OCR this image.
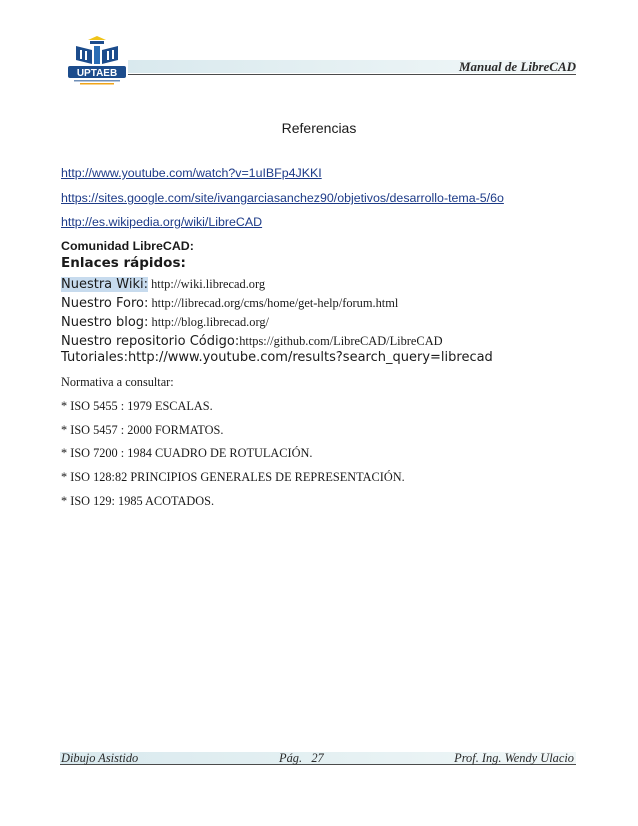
UPTAEB	Manual de LibreCAD
Referencias
http://www.youtube.com/watch?v=1uIBFp4JKKI
https://sites.google.com/site/ivangarciasanchez90/objetivos/desarrollo-tema-5/6o
http://es.wikipedia.org/wiki/LibreCAD
Comunidad LibreCAD:
Enlaces rápidos:
Nuestra Wiki: http://wiki.librecad.org
Nuestro Foro: http://librecad.org/cms/home/get-help/forum.html
Nuestro blog: http://blog.librecad.org/
Nuestro repositorio Código:https://github.com/LibreCAD/LibreCAD
Tutoriales:http://www.youtube.com/results?search_query=librecad
Normativa a consultar:
* ISO 5455 : 1979 ESCALAS.
* ISO 5457 : 2000 FORMATOS.
* ISO 7200 : 1984 CUADRO DE ROTULACIÓN.
* ISO 128:82 PRINCIPIOS GENERALES DE REPRESENTACIÓN.
* ISO 129: 1985 ACOTADOS.
Dibujo Asistido	Pág.   27	Prof. Ing. Wendy Ulacio
